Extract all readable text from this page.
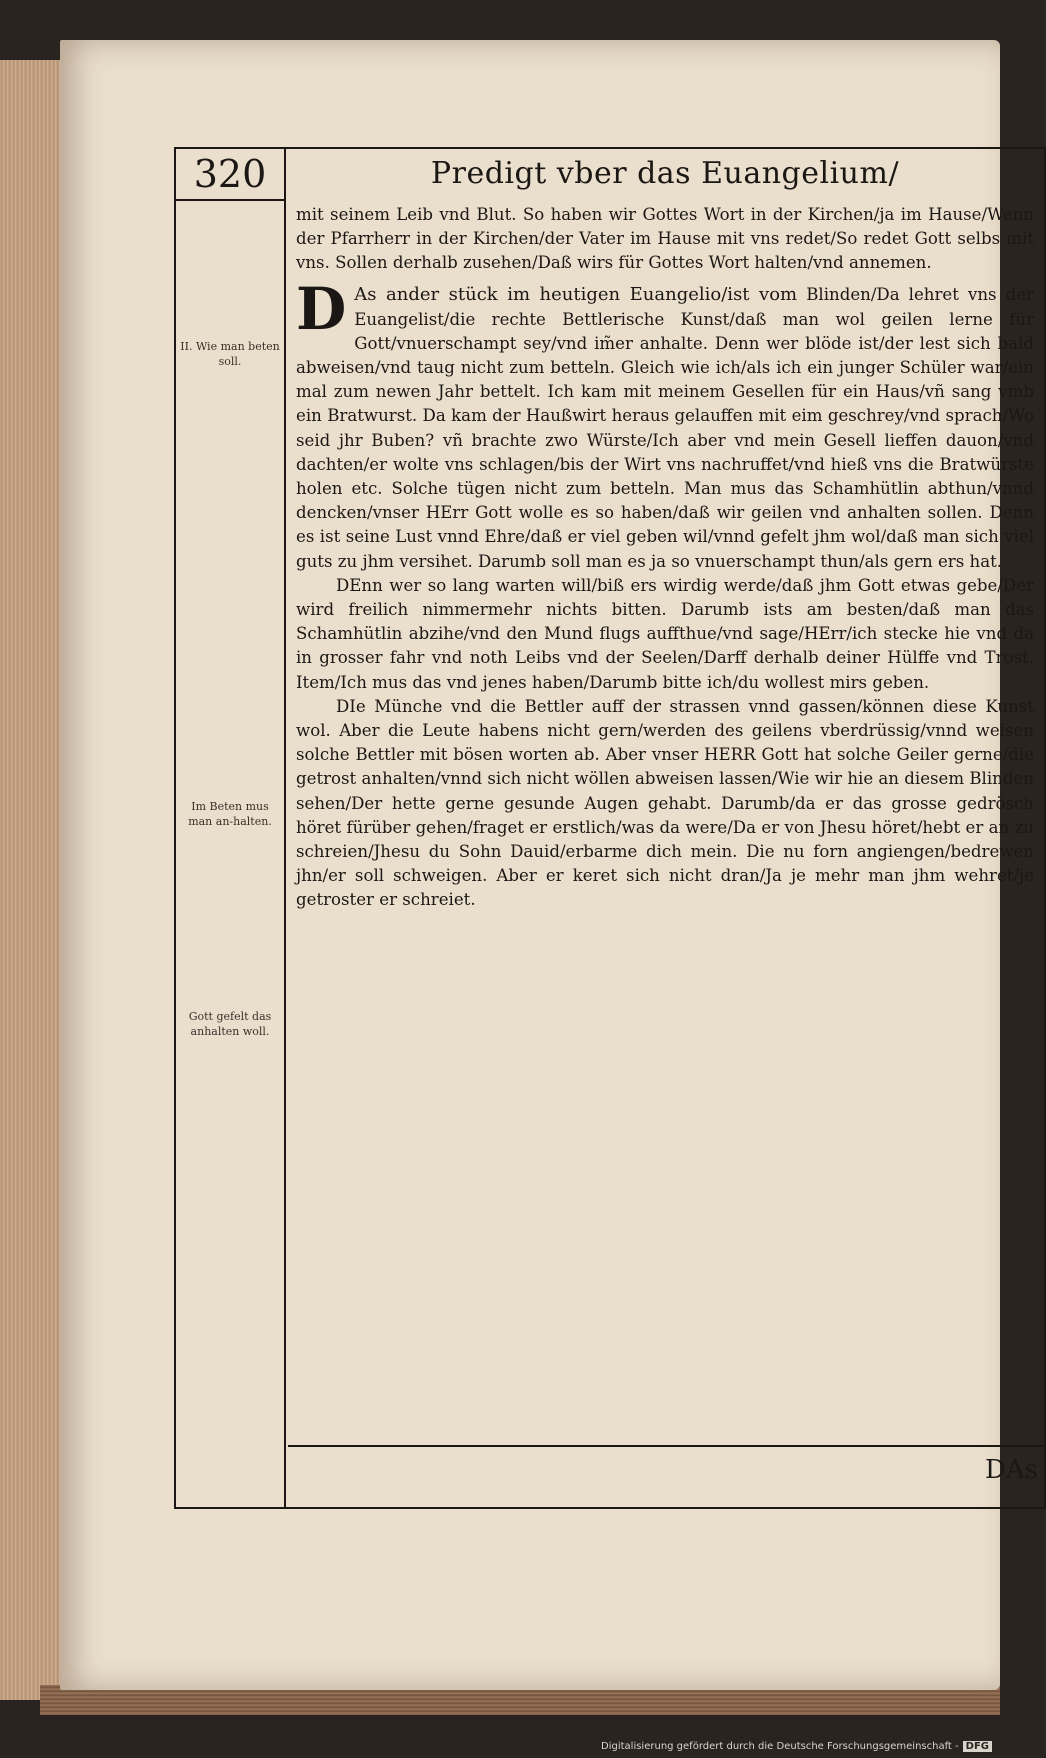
320	Predigt vber das Euangelium/
II. Wie man beten soll.
Im Beten mus man an-halten.
Gott gefelt das anhalten woll.

mit seinem Leib vnd Blut. So haben wir Gottes Wort in der Kirchen/ja im Hause/Wenn der Pfarrherr in der Kirchen/der Vater im Hause mit vns redet/So redet Gott selbs mit vns. Sollen derhalb zusehen/Daß wirs für Gottes Wort halten/vnd annemen.

D As ander stück im heutigen Euangelio/ist vom Blinden/Da lehret vns der Euangelist/die rechte Bettlerische Kunst/daß man wol geilen lerne für Gott/vnuerschampt sey/vnd im̃er anhalte. Denn wer blöde ist/der lest sich bald abweisen/vnd taug nicht zum betteln. Gleich wie ich/als ich ein junger Schüler war/ein mal zum newen Jahr bettelt. Ich kam mit meinem Gesellen für ein Haus/vñ sang vmb ein Bratwurst. Da kam der Haußwirt heraus gelauffen mit eim geschrey/vnd sprach/Wo seid jhr Buben? vñ brachte zwo Würste/Ich aber vnd mein Gesell lieffen dauon/vnd dachten/er wolte vns schlagen/bis der Wirt vns nachruffet/vnd hieß vns die Bratwürste holen etc. Solche tügen nicht zum betteln. Man mus das Schamhütlin abthun/vnnd dencken/vnser HErr Gott wolle es so haben/daß wir geilen vnd anhalten sollen. Denn es ist seine Lust vnnd Ehre/daß er viel geben wil/vnnd gefelt jhm wol/daß man sich viel guts zu jhm versihet. Darumb soll man es ja so vnuerschampt thun/als gern ers hat.

DEnn wer so lang warten will/biß ers wirdig werde/daß jhm Gott etwas gebe/Der wird freilich nimmermehr nichts bitten. Darumb ists am besten/daß man das Schamhütlin abzihe/vnd den Mund flugs auffthue/vnd sage/HErr/ich stecke hie vnd da in grosser fahr vnd noth Leibs vnd der Seelen/Darff derhalb deiner Hülffe vnd Trost. Item/Ich mus das vnd jenes haben/Darumb bitte ich/du wollest mirs geben.

DIe Münche vnd die Bettler auff der strassen vnnd gassen/können diese Kunst wol. Aber die Leute habens nicht gern/werden des geilens vberdrüssig/vnnd weisen solche Bettler mit bösen worten ab. Aber vnser HERR Gott hat solche Geiler gerne/die getrost anhalten/vnnd sich nicht wöllen abweisen lassen/Wie wir hie an diesem Blinden sehen/Der hette gerne gesunde Augen gehabt. Darumb/da er das grosse gedrösch höret fürüber gehen/fraget er erstlich/was da were/Da er von Jhesu höret/hebt er an zu schreien/Jhesu du Sohn Dauid/erbarme dich mein. Die nu forn angiengen/bedrewen jhn/er soll schweigen. Aber er keret sich nicht dran/Ja je mehr man jhm wehret/je getroster er schreiet.

DAs
Digitalisierung gefördert durch die Deutsche Forschungsgemeinschaft - DFG
